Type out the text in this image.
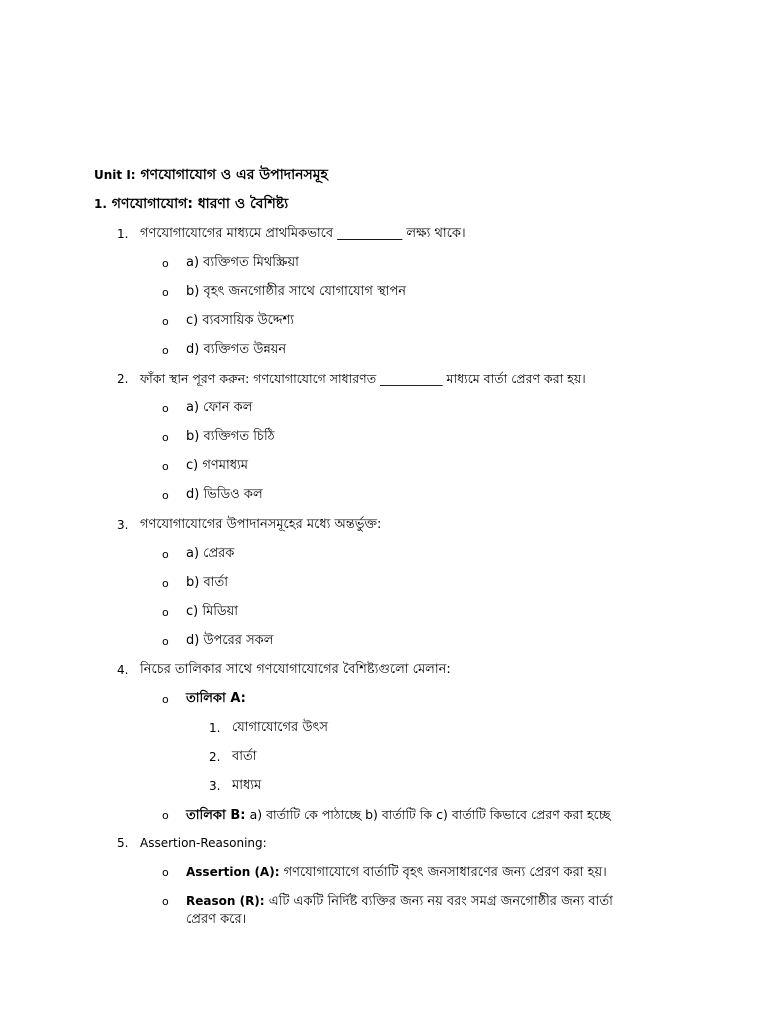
Unit I: গণযোগাযোগ ও এর উপাদানসমূহ
1. গণযোগাযোগ: ধারণা ও বৈশিষ্ট্য
1. গণযোগাযোগের মাধ্যমে প্রাথমিকভাবে __________ লক্ষ্য থাকে।
o a) ব্যক্তিগত মিথস্ক্রিয়া
o b) বৃহৎ জনগোষ্ঠীর সাথে যোগাযোগ স্থাপন
o c) ব্যবসায়িক উদ্দেশ্য
o d) ব্যক্তিগত উন্নয়ন
2. ফাঁকা স্থান পূরণ করুন: গণযোগাযোগে সাধারণত __________ মাধ্যমে বার্তা প্রেরণ করা হয়।
o a) ফোন কল
o b) ব্যক্তিগত চিঠি
o c) গণমাধ্যম
o d) ভিডিও কল
3. গণযোগাযোগের উপাদানসমূহের মধ্যে অন্তর্ভুক্ত:
o a) প্রেরক
o b) বার্তা
o c) মিডিয়া
o d) উপরের সকল
4. নিচের তালিকার সাথে গণযোগাযোগের বৈশিষ্ট্যগুলো মেলান:
o তালিকা A:
1. যোগাযোগের উৎস
2. বার্তা
3. মাধ্যম
o তালিকা B: a) বার্তাটি কে পাঠাচ্ছে b) বার্তাটি কি c) বার্তাটি কিভাবে প্রেরণ করা হচ্ছে
5. Assertion-Reasoning:
o Assertion (A): গণযোগাযোগে বার্তাটি বৃহৎ জনসাধারণের জন্য প্রেরণ করা হয়।
o Reason (R): এটি একটি নির্দিষ্ট ব্যক্তির জন্য নয় বরং সমগ্র জনগোষ্ঠীর জন্য বার্তা
প্রেরণ করে।
